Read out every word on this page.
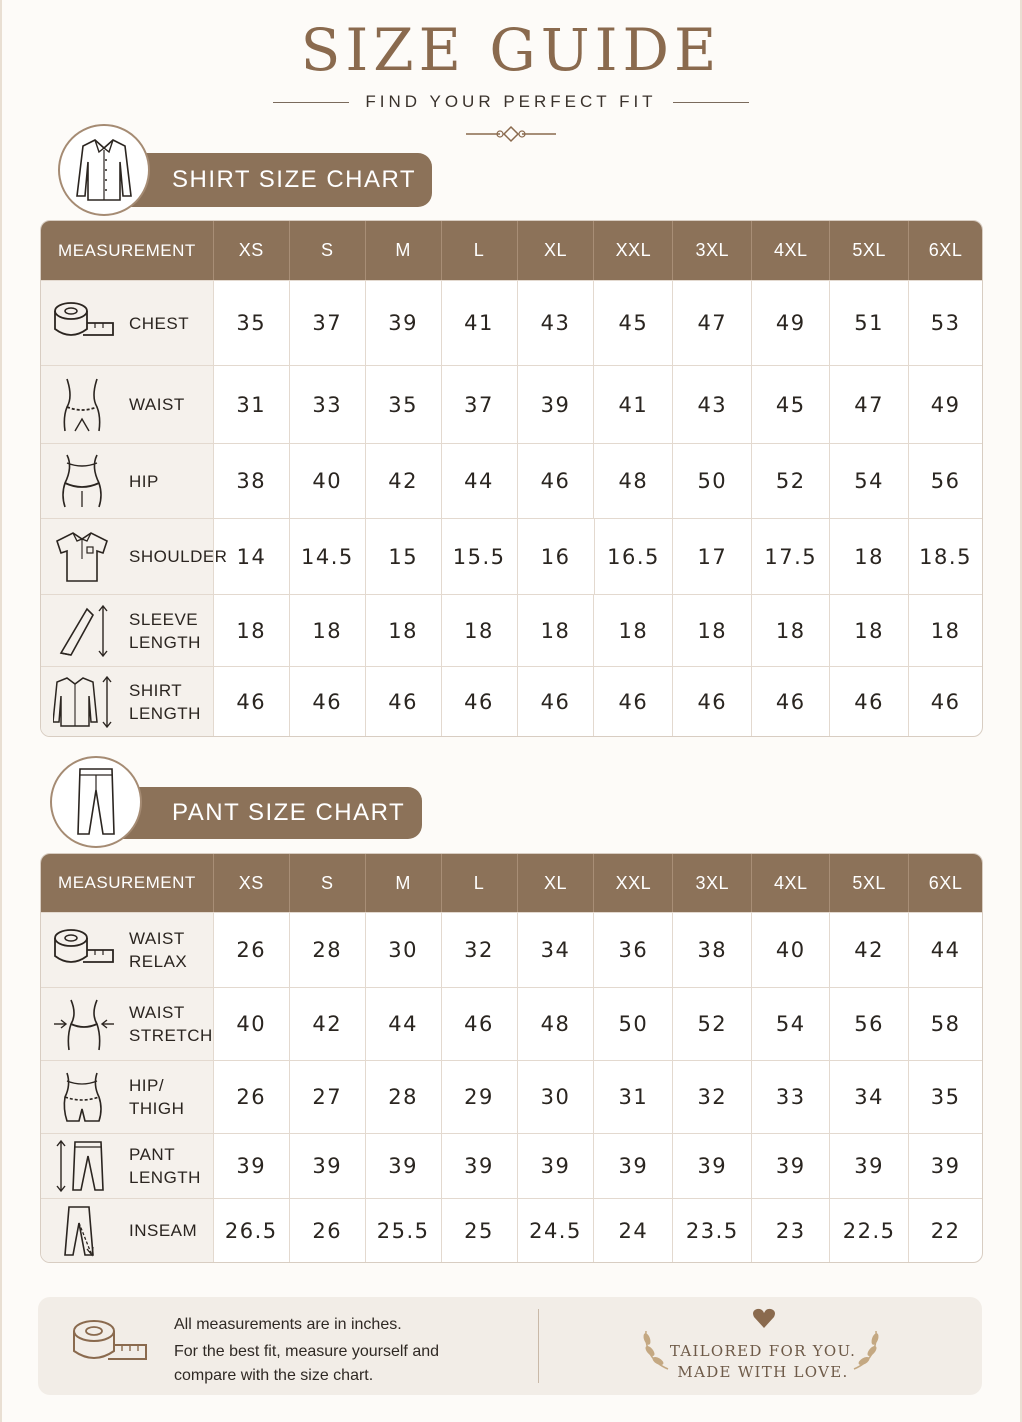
SIZE GUIDE
FIND YOUR PERFECT FIT
SHIRT SIZE CHART
MEASUREMENT	XS	S	M	L	XL	XXL	3XL	4XL	5XL	6XL
CHEST	35	37	39	41	43	45	47	49	51	53
WAIST	31	33	35	37	39	41	43	45	47	49
HIP	38	40	42	44	46	48	50	52	54	56
SHOULDER 14	14.5	15	15.5	16	16.5	17	17.5	18	18.5
SLEEVE
LENGTH	18	18	18	18	18	18	18	18	18	18
SHIRT
LENGTH	46	46	46	46	46	46	46	46	46	46
PANT SIZE CHART
MEASUREMENT	XS	S	M	L	XL	XXL	3XL	4XL	5XL	6XL
WAIST
RELAX	26	28	30	32	34	36	38	40	42	44
WAIST
STRETCH	40	42	44	46	48	50	52	54	56	58
HIP/
THIGH	26	27	28	29	30	31	32	33	34	35
PANT
LENGTH	39	39	39	39	39	39	39	39	39	39
INSEAM	26.5	26	25.5	25	24.5	24	23.5	23	22.5	22
All measurements are in inches.
For the best fit, measure yourself and compare with the size chart.
TAILORED FOR YOU.
MADE WITH LOVE.
